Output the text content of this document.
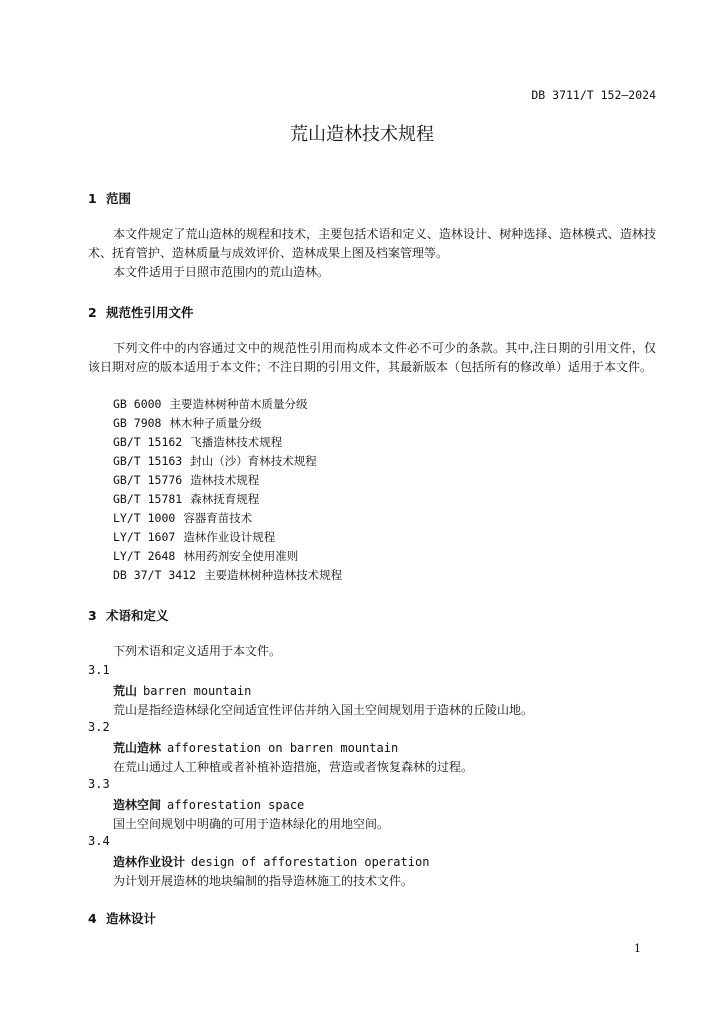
DB 3711/T 152—2024
荒山造林技术规程
1 范围
本文件规定了荒山造林的规程和技术，主要包括术语和定义、造林设计、树种选择、造林模式、造林技术、抚育管护、造林质量与成效评价、造林成果上图及档案管理等。
本文件适用于日照市范围内的荒山造林。
2 规范性引用文件
下列文件中的内容通过文中的规范性引用而构成本文件必不可少的条款。其中,注日期的引用文件，仅该日期对应的版本适用于本文件；不注日期的引用文件，其最新版本（包括所有的修改单）适用于本文件。
GB 6000 主要造林树种苗木质量分级
GB 7908 林木种子质量分级
GB/T 15162 飞播造林技术规程
GB/T 15163 封山（沙）育林技术规程
GB/T 15776 造林技术规程
GB/T 15781 森林抚育规程
LY/T 1000 容器育苗技术
LY/T 1607 造林作业设计规程
LY/T 2648 林用药剂安全使用准则
DB 37/T 3412 主要造林树种造林技术规程
3 术语和定义
下列术语和定义适用于本文件。
3.1
荒山 barren mountain
荒山是指经造林绿化空间适宜性评估并纳入国土空间规划用于造林的丘陵山地。
3.2
荒山造林 afforestation on barren mountain
在荒山通过人工种植或者补植补造措施，营造或者恢复森林的过程。
3.3
造林空间 afforestation space
国土空间规划中明确的可用于造林绿化的用地空间。
3.4
造林作业设计 design of afforestation operation
为计划开展造林的地块编制的指导造林施工的技术文件。
4 造林设计
1
